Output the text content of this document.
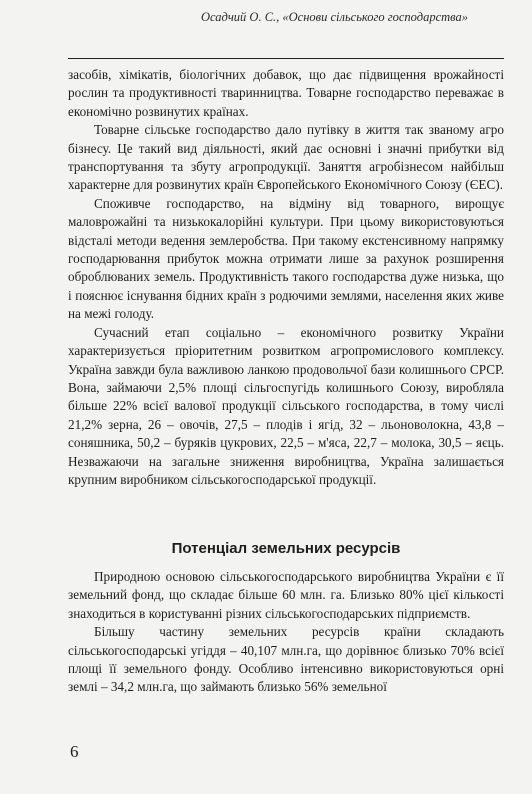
Осадчий О. С., «Основи сільського господарства»

засобів, хімікатів, біологічних добавок, що дає підвищення врожайності рослин та продуктивності тваринництва. Товарне господарство переважає в економічно розвинутих країнах.

Товарне сільське господарство дало путівку в життя так званому агро бізнесу. Це такий вид діяльності, який дає основні і значні прибутки від транспортування та збуту агропродукції. Заняття агробізнесом найбільш характерне для розвинутих країн Європейського Економічного Союзу (ЄЕС).

Споживче господарство, на відміну від товарного, вирощує маловрожайні та низькокалорійні культури. При цьому використовуються відсталі методи ведення землеробства. При такому екстенсивному напрямку господарювання прибуток можна отримати лише за рахунок розширення оброблюваних земель. Продуктивність такого господарства дуже низька, що і пояснює існування бідних країн з родючими землями, населення яких живе на межі голоду.

Сучасний етап соціально – економічного розвитку України характеризується пріоритетним розвитком агропромислового комплексу. Україна завжди була важливою ланкою продовольчої бази колишнього СРСР. Вона, займаючи 2,5% площі сільгоспугідь колишнього Союзу, виробляла більше 22% всієї валової продукції сільського господарства, в тому числі 21,2% зерна, 26 – овочів, 27,5 – плодів і ягід, 32 – льоноволокна, 43,8 – соняшника, 50,2 – буряків цукрових, 22,5 – м'яса, 22,7 – молока, 30,5 – яєць. Незважаючи на загальне зниження виробництва, Україна залишається крупним виробником сільськогосподарської продукції.

Потенціал земельних ресурсів

Природною основою сільськогосподарського виробництва України є її земельний фонд, що складає більше 60 млн. га. Близько 80% цієї кількості знаходиться в користуванні різних сільськогосподарських підприємств.

Більшу частину земельних ресурсів країни складають сільськогосподарські угіддя – 40,107 млн.га, що дорівнює близько 70% всієї площі її земельного фонду. Особливо інтенсивно використовуються орні землі – 34,2 млн.га, що займають близько 56% земельної

6
